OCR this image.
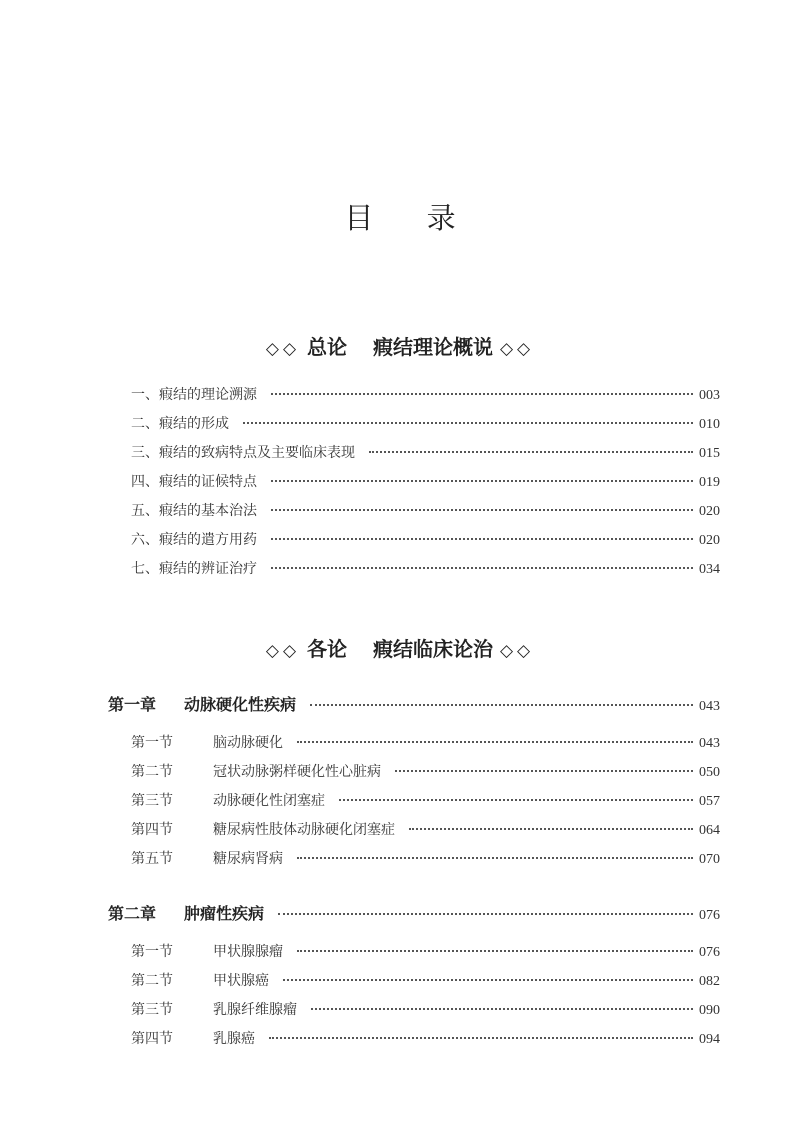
目 录
◇◇ 总论 瘕结理论概说 ◇◇
一、瘕结的理论溯源	003
二、瘕结的形成	010
三、瘕结的致病特点及主要临床表现	015
四、瘕结的证候特点	019
五、瘕结的基本治法	020
六、瘕结的遣方用药	020
七、瘕结的辨证治疗	034
◇◇ 各论 瘕结临床论治 ◇◇
第一章	动脉硬化性疾病	043
第一节	脑动脉硬化	043
第二节	冠状动脉粥样硬化性心脏病	050
第三节	动脉硬化性闭塞症	057
第四节	糖尿病性肢体动脉硬化闭塞症	064
第五节	糖尿病肾病	070
第二章	肿瘤性疾病	076
第一节	甲状腺腺瘤	076
第二节	甲状腺癌	082
第三节	乳腺纤维腺瘤	090
第四节	乳腺癌	094
